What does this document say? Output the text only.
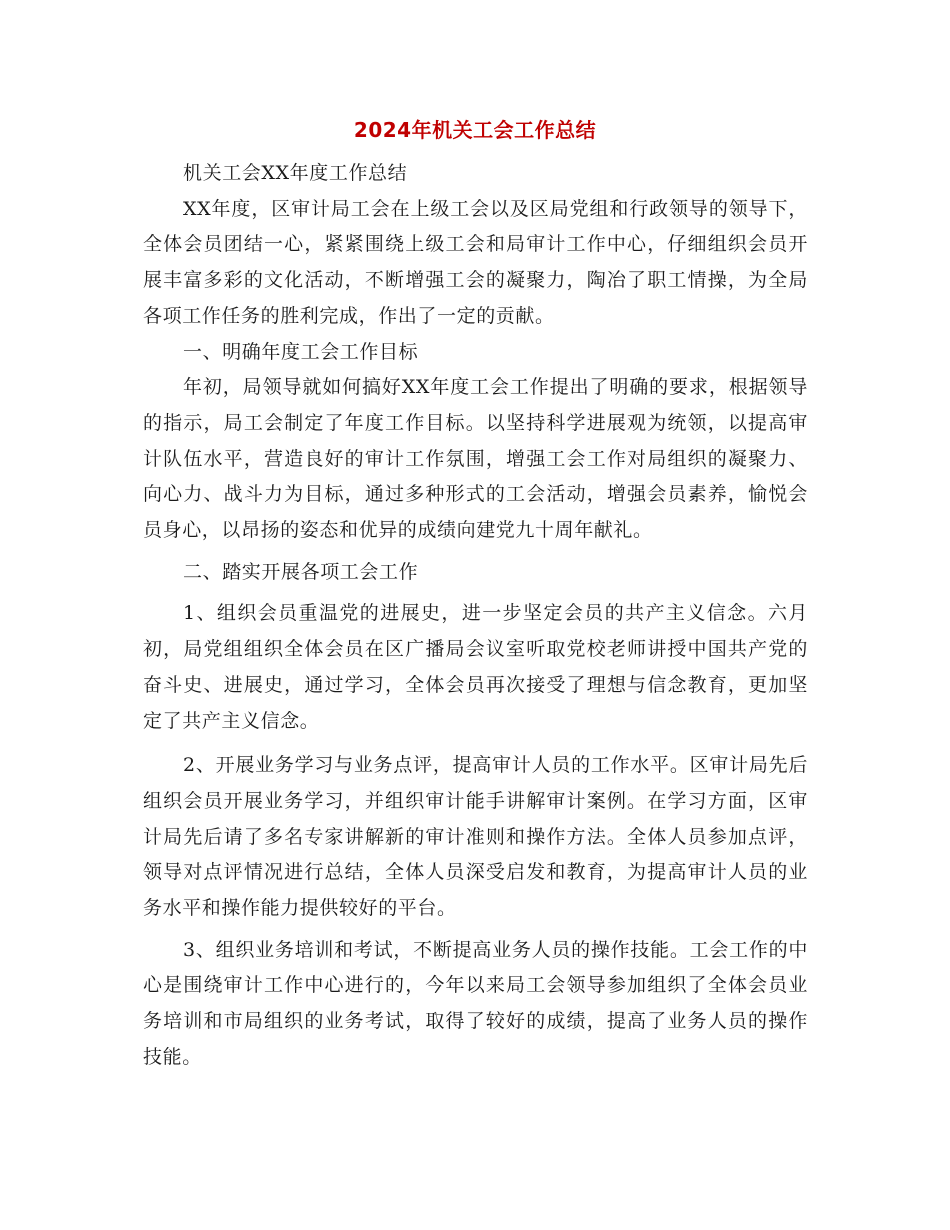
2024年机关工会工作总结

机关工会XX年度工作总结

XX年度，区审计局工会在上级工会以及区局党组和行政领导的领导下，全体会员团结一心，紧紧围绕上级工会和局审计工作中心，仔细组织会员开展丰富多彩的文化活动，不断增强工会的凝聚力，陶冶了职工情操，为全局各项工作任务的胜利完成，作出了一定的贡献。

一、明确年度工会工作目标

年初，局领导就如何搞好XX年度工会工作提出了明确的要求，根据领导的指示，局工会制定了年度工作目标。以坚持科学进展观为统领，以提高审计队伍水平，营造良好的审计工作氛围，增强工会工作对局组织的凝聚力、向心力、战斗力为目标，通过多种形式的工会活动，增强会员素养，愉悦会员身心，以昂扬的姿态和优异的成绩向建党九十周年献礼。

二、踏实开展各项工会工作

1、组织会员重温党的进展史，进一步坚定会员的共产主义信念。六月初，局党组组织全体会员在区广播局会议室听取党校老师讲授中国共产党的奋斗史、进展史，通过学习，全体会员再次接受了理想与信念教育，更加坚定了共产主义信念。

2、开展业务学习与业务点评，提高审计人员的工作水平。区审计局先后组织会员开展业务学习，并组织审计能手讲解审计案例。在学习方面，区审计局先后请了多名专家讲解新的审计准则和操作方法。全体人员参加点评，领导对点评情况进行总结，全体人员深受启发和教育，为提高审计人员的业务水平和操作能力提供较好的平台。

3、组织业务培训和考试，不断提高业务人员的操作技能。工会工作的中心是围绕审计工作中心进行的，今年以来局工会领导参加组织了全体会员业务培训和市局组织的业务考试，取得了较好的成绩，提高了业务人员的操作技能。
